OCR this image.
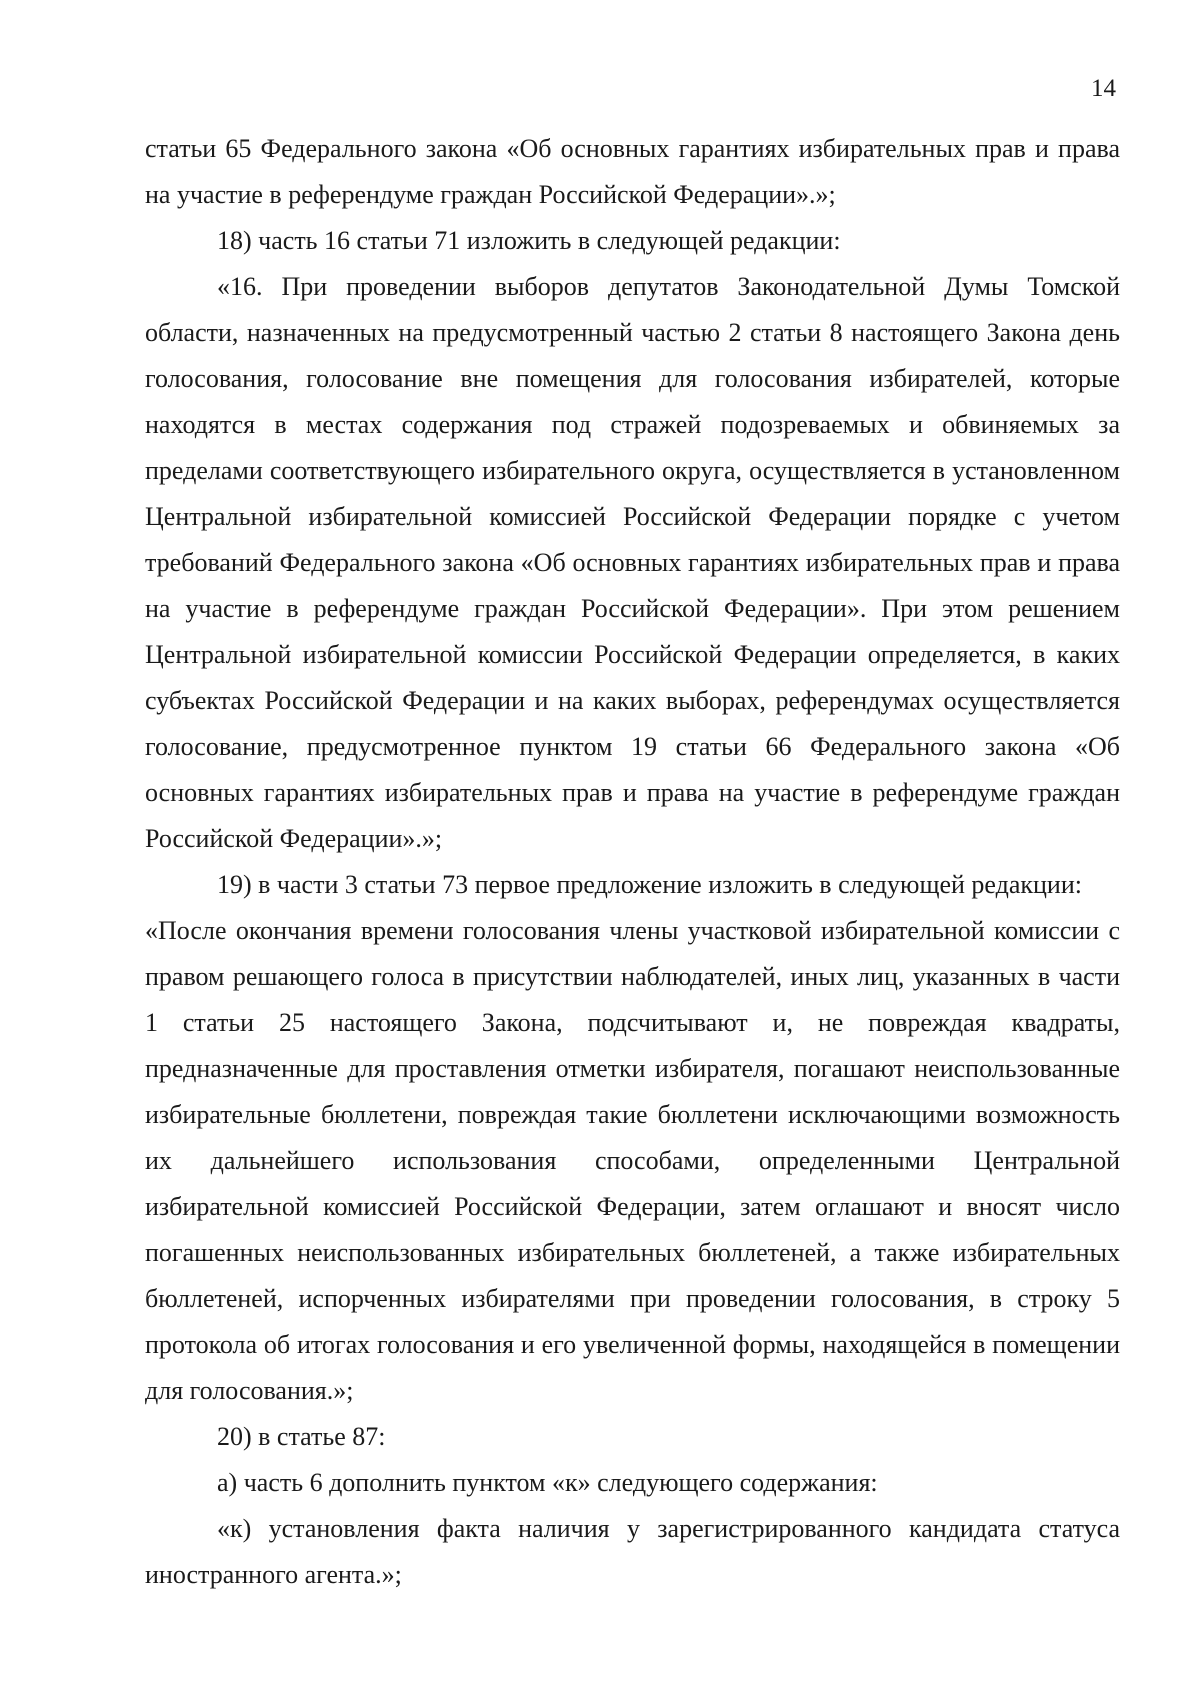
14

статьи 65 Федерального закона «Об основных гарантиях избирательных прав и права на участие в референдуме граждан Российской Федерации».»;

18) часть 16 статьи 71 изложить в следующей редакции:

«16. При проведении выборов депутатов Законодательной Думы Томской области, назначенных на предусмотренный частью 2 статьи 8 настоящего Закона день голосования, голосование вне помещения для голосования избирателей, которые находятся в местах содержания под стражей подозреваемых и обвиняемых за пределами соответствующего избирательного округа, осуществляется в установленном Центральной избирательной комиссией Российской Федерации порядке с учетом требований Федерального закона «Об основных гарантиях избирательных прав и права на участие в референдуме граждан Российской Федерации». При этом решением Центральной избирательной комиссии Российской Федерации определяется, в каких субъектах Российской Федерации и на каких выборах, референдумах осуществляется голосование, предусмотренное пунктом 19 статьи 66 Федерального закона «Об основных гарантиях избирательных прав и права на участие в референдуме граждан Российской Федерации».»;

19) в части 3 статьи 73 первое предложение изложить в следующей редакции:

«После окончания времени голосования члены участковой избирательной комиссии с правом решающего голоса в присутствии наблюдателей, иных лиц, указанных в части 1 статьи 25 настоящего Закона, подсчитывают и, не повреждая квадраты, предназначенные для проставления отметки избирателя, погашают неиспользованные избирательные бюллетени, повреждая такие бюллетени исключающими возможность их дальнейшего использования способами, определенными Центральной избирательной комиссией Российской Федерации, затем оглашают и вносят число погашенных неиспользованных избирательных бюллетеней, а также избирательных бюллетеней, испорченных избирателями при проведении голосования, в строку 5 протокола об итогах голосования и его увеличенной формы, находящейся в помещении для голосования.»;

20) в статье 87:

а) часть 6 дополнить пунктом «к» следующего содержания:

«к) установления факта наличия у зарегистрированного кандидата статуса иностранного агента.»;
